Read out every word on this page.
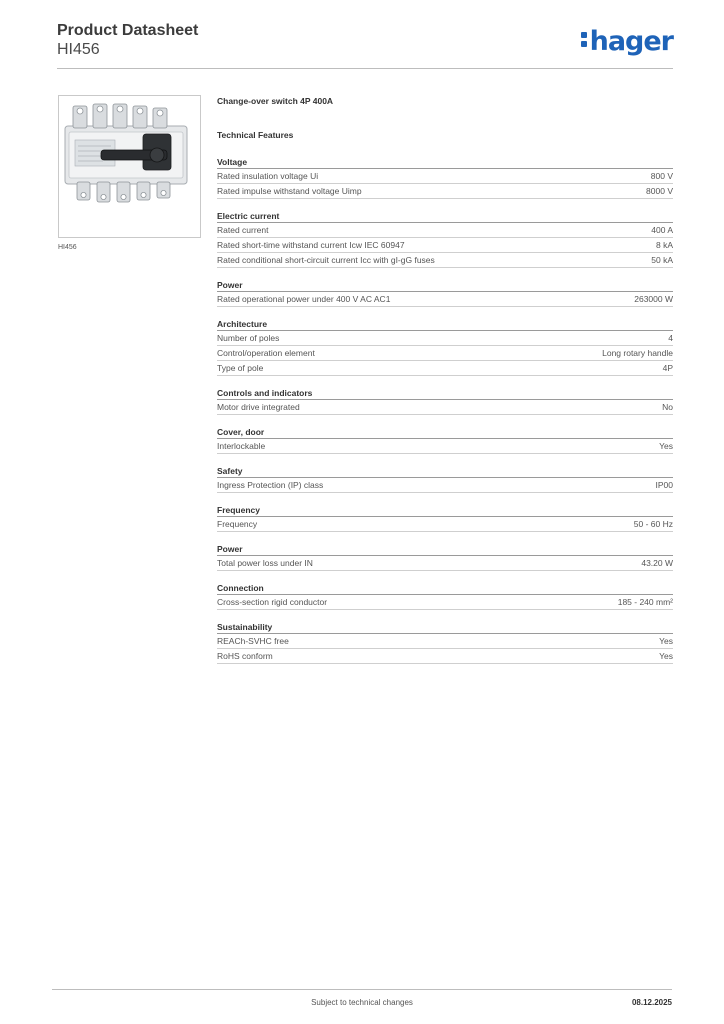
Product Datasheet
HI456	hager
HI456
Change-over switch 4P 400A
Technical Features
Voltage
Rated insulation voltage Ui	800 V
Rated impulse withstand voltage Uimp	8000 V
Electric current
Rated current	400 A
Rated short-time withstand current Icw IEC 60947	8 kA
Rated conditional short-circuit current Icc with gI-gG fuses	50 kA
Power
Rated operational power under 400 V AC AC1	263000 W
Architecture
Number of poles	4
Control/operation element	Long rotary handle
Type of pole	4P
Controls and indicators
Motor drive integrated	No
Cover, door
Interlockable	Yes
Safety
Ingress Protection (IP) class	IP00
Frequency
Frequency	50 - 60 Hz
Power
Total power loss under IN	43.20 W
Connection
Cross-section rigid conductor	185 - 240 mm²
Sustainability
REACh-SVHC free	Yes
RoHS conform	Yes
Subject to technical changes	08.12.2025
